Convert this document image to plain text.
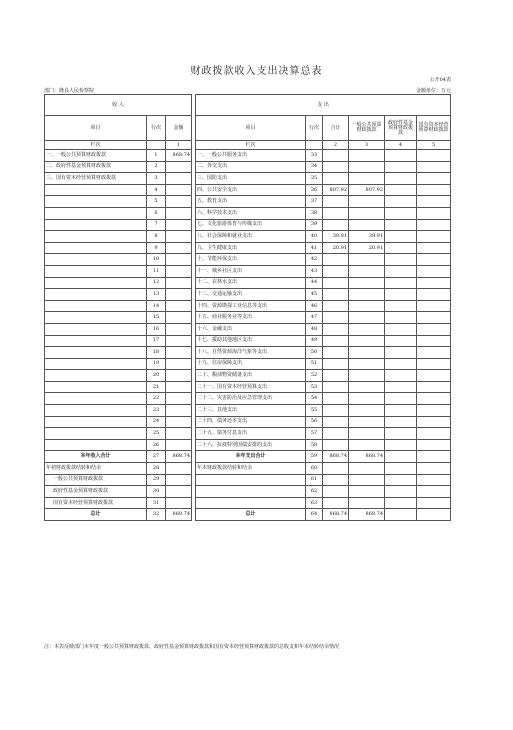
财政拨款收入支出决算总表
公开04表
部门：隆县人民检察院	金额单位：万元
收 入				支 出					
项目	行次	金额		项目	行次	合计	一般公共预算财政拨款	政府性基金预算财政拨款	国有资本经营预算财政拨款
栏次		1		栏次		2	3	4	5
一、一般公共预算财政拨款	1	868.74		一、一般公共服务支出	33				
二、政府性基金预算财政拨款	2			二、外交支出	34				
三、国有资本经营预算财政拨款	3			三、国防支出	35				
	4			四、公共安全支出	36	807.92	807.92		
	5			五、教育支出	37				
	6			六、科学技术支出	38				
	7			七、文化旅游体育与传媒支出	39				
	8			八、社会保障和就业支出	40	39.91	39.91		
	9			九、卫生健康支出	41	20.91	20.91		
	10			十、节能环保支出	42				
	11			十一、城乡社区支出	43				
	12			十二、农林水支出	44				
	13			十三、交通运输支出	45				
	14			十四、资源勘探工业信息等支出	46				
	15			十五、商业服务业等支出	47				
	16			十六、金融支出	48				
	17			十七、援助其他地区支出	49				
	18			十八、自然资源海洋气象等支出	50				
	19			十九、住房保障支出	51				
	20			二十、粮油物资储备支出	52				
	21			二十一、国有资本经营预算支出	53				
	22			二十二、灾害防治及应急管理支出	54				
	23			二十三、其他支出	55				
	24			二十四、债务还本支出	56				
	25			二十五、债务付息支出	57				
	26			二十六、抗疫特别国债安排的支出	58				
本年收入合计	27	868.74		本年支出合计	59	868.74	868.74		
年初财政拨款结转和结余	28			年末财政拨款结转和结余	60				
一般公共预算财政拨款	29				61				
政府性基金预算财政拨款	30				62				
国有资本经营预算财政拨款	31				63				
总计	32	868.74		总计	64	868.74	868.74		
注：本表反映部门本年度一般公共预算财政拨款、政府性基金预算财政拨款和国有资本经营预算财政拨款的总收支和年末结转结余情况
